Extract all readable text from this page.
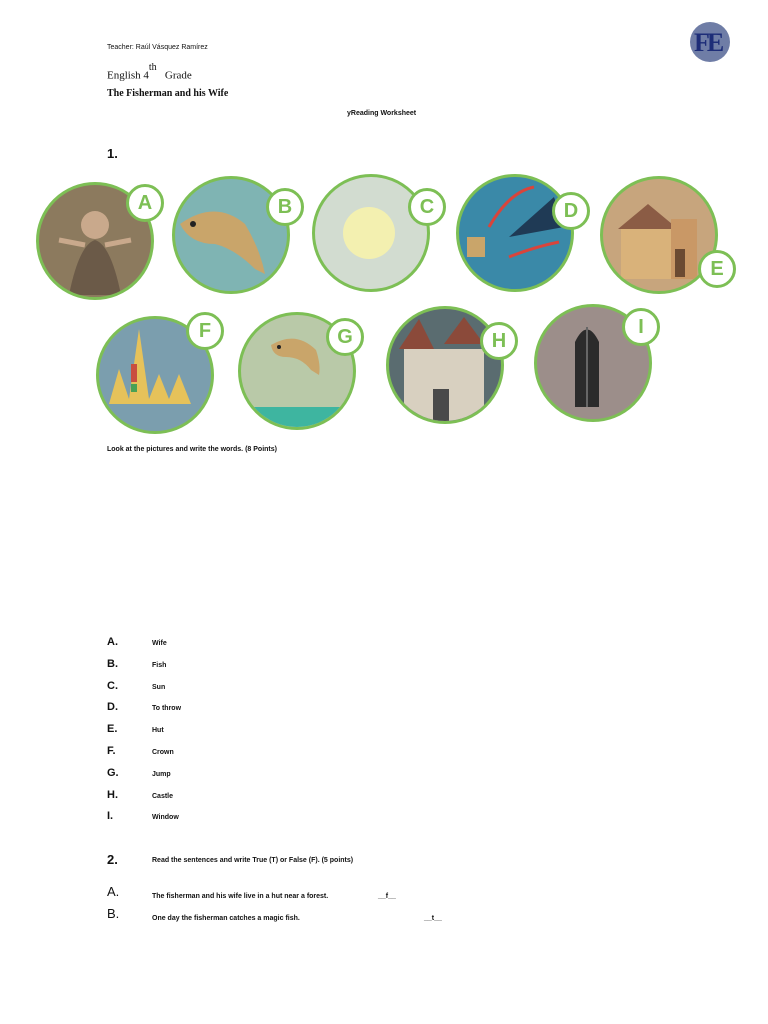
Teacher: Raúl Vásquez Ramírez
English 4th   Grade
The Fisherman and his Wife
yReading Worksheet
FE
1.
A	B	C	D
E
F	G	H
I
Look at the pictures and write the words. (8 Points)
A.	Wife
B.	Fish
C.	Sun
D.	To throw
E.	Hut
F.	Crown
G.	Jump
H.	Castle
I.	Window
2.	Read the sentences and write True (T) or False (F). (5 points)
A.	The fisherman and his wife live in a hut near a forest.	__f__
B.	One day the fisherman catches a magic fish.	__t__
